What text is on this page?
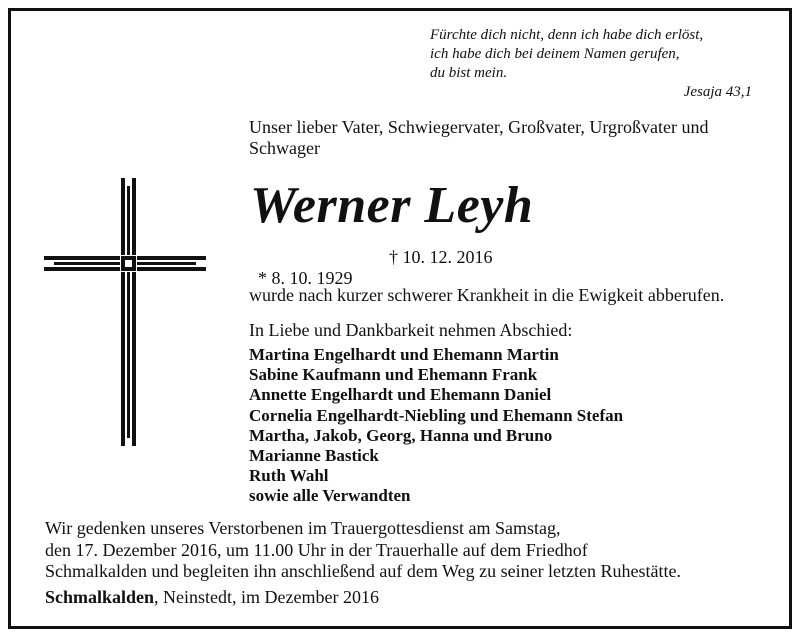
Fürchte dich nicht, denn ich habe dich erlöst,
ich habe dich bei deinem Namen gerufen,
du bist mein.
Jesaja 43,1
Unser lieber Vater, Schwiegervater, Großvater, Urgroßvater und Schwager
Werner Leyh

* 8. 10. 1929

† 10. 12. 2016

wurde nach kurzer schwerer Krankheit in die Ewigkeit abberufen.
In Liebe und Dankbarkeit nehmen Abschied:
Martina Engelhardt und Ehemann Martin
Sabine Kaufmann und Ehemann Frank
Annette Engelhardt und Ehemann Daniel
Cornelia Engelhardt-Niebling und Ehemann Stefan
Martha, Jakob, Georg, Hanna und Bruno
Marianne Bastick
Ruth Wahl
sowie alle Verwandten
Wir gedenken unseres Verstorbenen im Trauergottesdienst am Samstag,
den 17. Dezember 2016, um 11.00 Uhr in der Trauerhalle auf dem Friedhof
Schmalkalden und begleiten ihn anschließend auf dem Weg zu seiner letzten Ruhestätte.
Schmalkalden, Neinstedt, im Dezember 2016
